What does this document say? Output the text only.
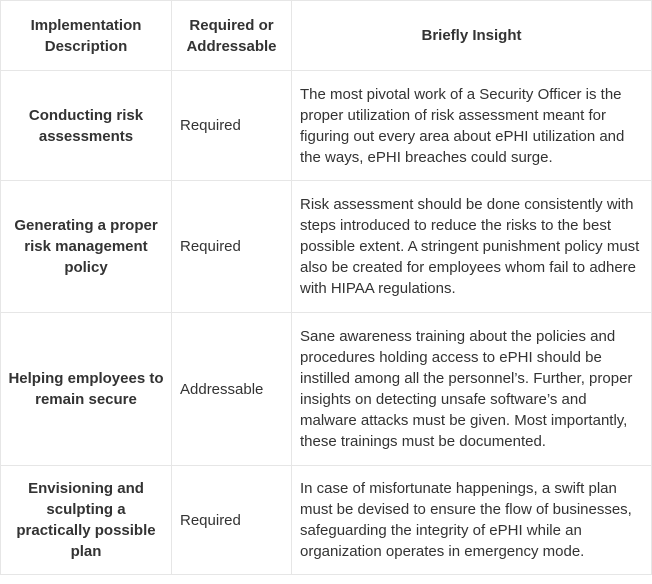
Implementation Description	Required or Addressable	Briefly Insight
Conducting risk assessments	Required	The most pivotal work of a Security Officer is the proper utilization of risk assessment meant for figuring out every area about ePHI utilization and the ways, ePHI breaches could surge.
Generating a proper risk management policy	Required	Risk assessment should be done consistently with steps introduced to reduce the risks to the best possible extent. A stringent punishment policy must also be created for employees whom fail to adhere with HIPAA regulations.
Helping employees to remain secure	Addressable	Sane awareness training about the policies and procedures holding access to ePHI should be instilled among all the personnel’s. Further, proper insights on detecting unsafe software’s and malware attacks must be given. Most importantly, these trainings must be documented.
Envisioning and sculpting a practically possible plan	Required	In case of misfortunate happenings, a swift plan must be devised to ensure the flow of businesses, safeguarding the integrity of ePHI while an organization operates in emergency mode.
